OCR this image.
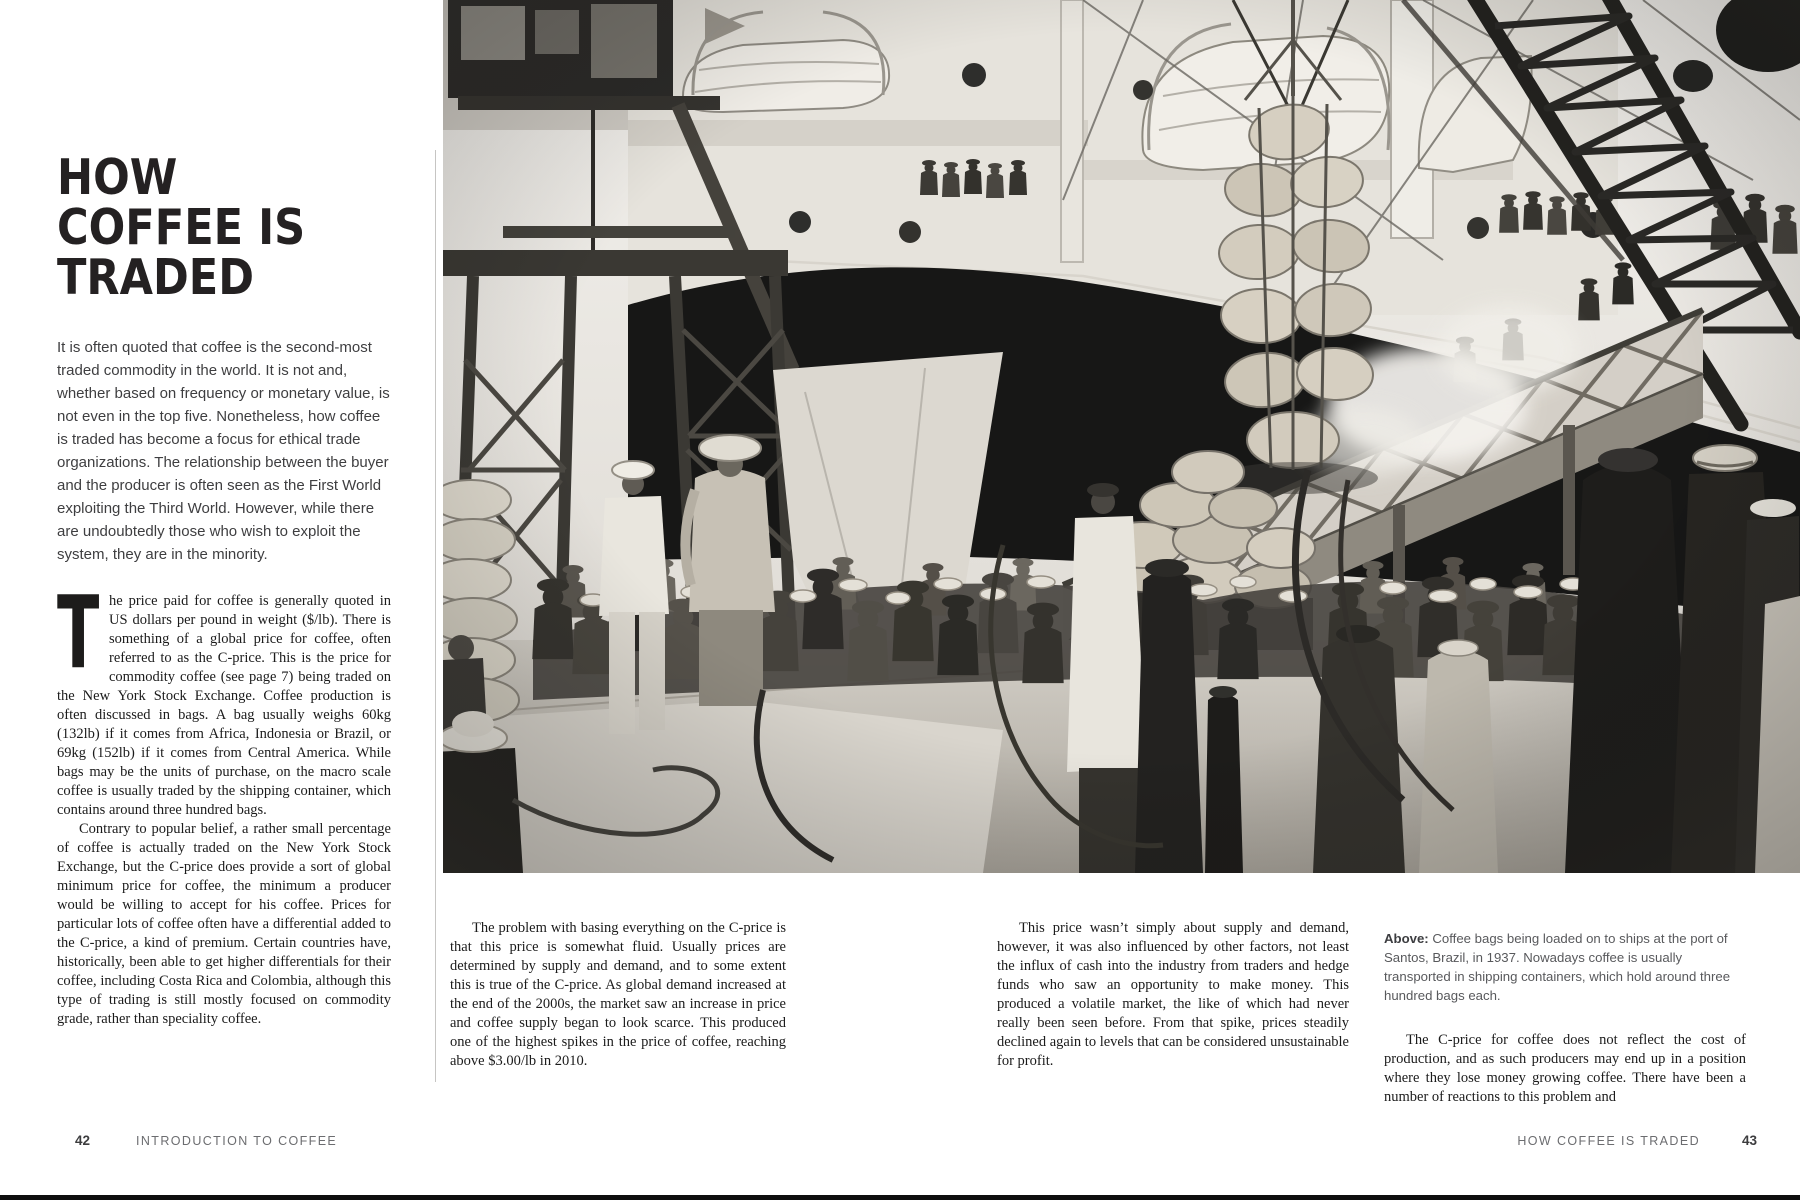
HOW
COFFEE IS
TRADED

It is often quoted that coffee is the second-most traded commodity in the world. It is not and, whether based on frequency or monetary value, is not even in the top five. Nonetheless, how coffee is traded has become a focus for ethical trade organizations. The relationship between the buyer and the producer is often seen as the First World exploiting the Third World. However, while there are undoubtedly those who wish to exploit the system, they are in the minority.

T he price paid for coffee is generally quoted in US dollars per pound in weight ($/lb). There is something of a global price for coffee, often referred to as the C-price. This is the price for commodity coffee (see page 7) being traded on the New York Stock Exchange. Coffee production is often discussed in bags. A bag usually weighs 60kg (132lb) if it comes from Africa, Indonesia or Brazil, or 69kg (152lb) if it comes from Central America. While bags may be the units of purchase, on the macro scale coffee is usually traded by the shipping container, which contains around three hundred bags.

Contrary to popular belief, a rather small percentage of coffee is actually traded on the New York Stock Exchange, but the C-price does provide a sort of global minimum price for coffee, the minimum a producer would be willing to accept for his coffee. Prices for particular lots of coffee often have a differential added to the C-price, a kind of premium. Certain countries have, historically, been able to get higher differentials for their coffee, including Costa Rica and Colombia, although this type of trading is still mostly focused on commodity grade, rather than speciality coffee.

The problem with basing everything on the C-price is that this price is somewhat fluid. Usually prices are determined by supply and demand, and to some extent this is true of the C-price. As global demand increased at the end of the 2000s, the market saw an increase in price and coffee supply began to look scarce. This produced one of the highest spikes in the price of coffee, reaching above $3.00/lb in 2010.

This price wasn’t simply about supply and demand, however, it was also influenced by other factors, not least the influx of cash into the industry from traders and hedge funds who saw an opportunity to make money. This produced a volatile market, the like of which had never really been seen before. From that spike, prices steadily declined again to levels that can be considered unsustainable for profit.

Above: Coffee bags being loaded on to ships at the port of Santos, Brazil, in 1937. Nowadays coffee is usually transported in shipping containers, which hold around three hundred bags each.

The C-price for coffee does not reflect the cost of production, and as such producers may end up in a position where they lose money growing coffee. There have been a number of reactions to this problem and

42	INTRODUCTION TO COFFEE	HOW COFFEE IS TRADED	43
